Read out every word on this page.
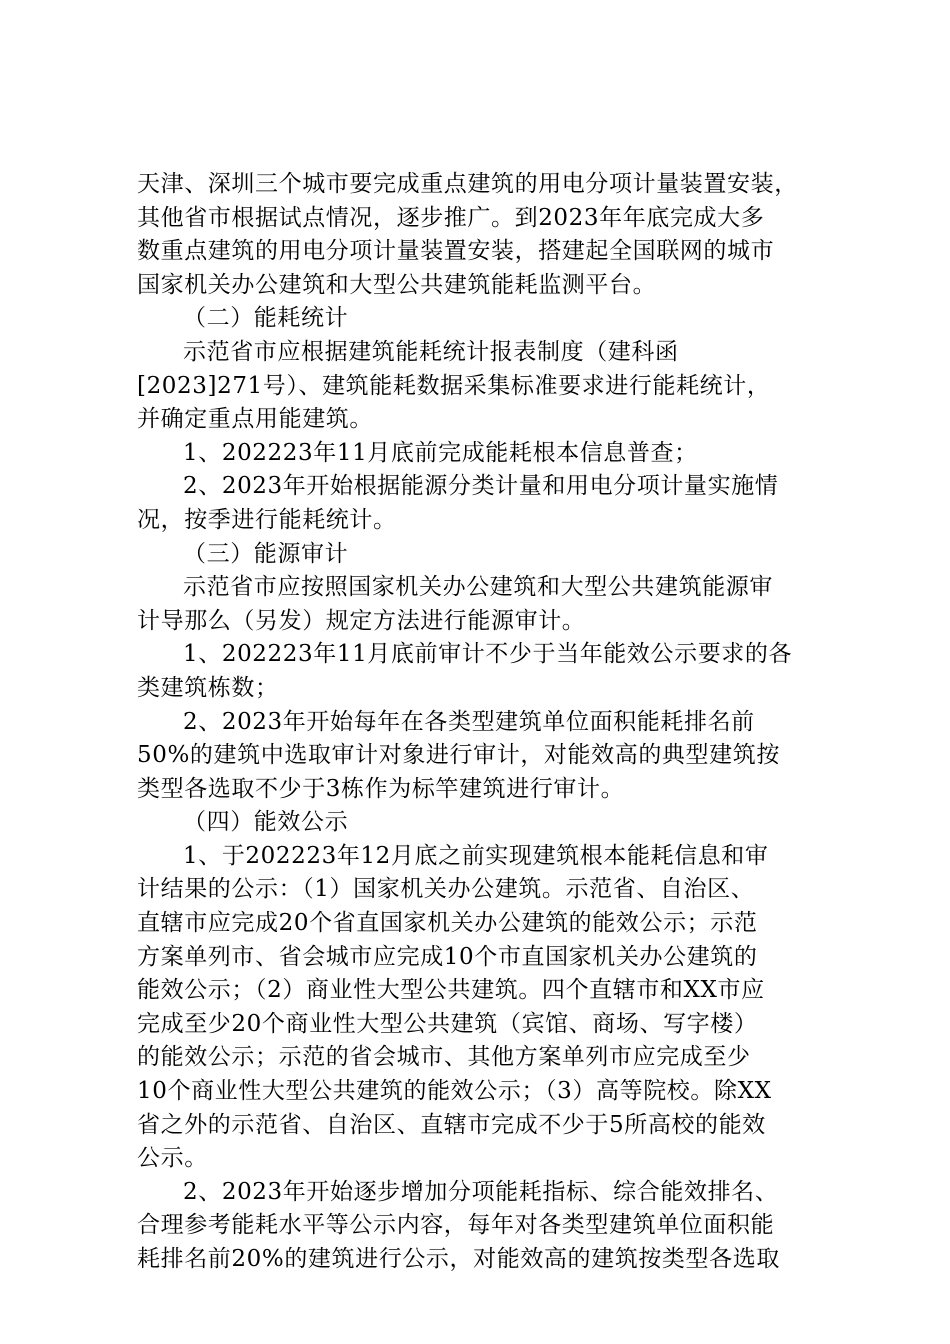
天津、深圳三个城市要完成重点建筑的用电分项计量装置安装，
其他省市根据试点情况，逐步推广。到2023年年底完成大多
数重点建筑的用电分项计量装置安装，搭建起全国联网的城市
国家机关办公建筑和大型公共建筑能耗监测平台。
（二）能耗统计
示范省市应根据建筑能耗统计报表制度（建科函
[2023]271号）、建筑能耗数据采集标准要求进行能耗统计，
并确定重点用能建筑。
1、202223年11月底前完成能耗根本信息普查；
2、2023年开始根据能源分类计量和用电分项计量实施情
况，按季进行能耗统计。
（三）能源审计
示范省市应按照国家机关办公建筑和大型公共建筑能源审
计导那么（另发）规定方法进行能源审计。
1、202223年11月底前审计不少于当年能效公示要求的各
类建筑栋数；
2、2023年开始每年在各类型建筑单位面积能耗排名前
50%的建筑中选取审计对象进行审计，对能效高的典型建筑按
类型各选取不少于3栋作为标竿建筑进行审计。
（四）能效公示
1、于202223年12月底之前实现建筑根本能耗信息和审
计结果的公示：（1）国家机关办公建筑。示范省、自治区、
直辖市应完成20个省直国家机关办公建筑的能效公示；示范
方案单列市、省会城市应完成10个市直国家机关办公建筑的
能效公示；（2）商业性大型公共建筑。四个直辖市和XX市应
完成至少20个商业性大型公共建筑（宾馆、商场、写字楼）
的能效公示；示范的省会城市、其他方案单列市应完成至少
10个商业性大型公共建筑的能效公示；（3）高等院校。除XX
省之外的示范省、自治区、直辖市完成不少于5所高校的能效
公示。
2、2023年开始逐步增加分项能耗指标、综合能效排名、
合理参考能耗水平等公示内容，每年对各类型建筑单位面积能
耗排名前20%的建筑进行公示，对能效高的建筑按类型各选取
